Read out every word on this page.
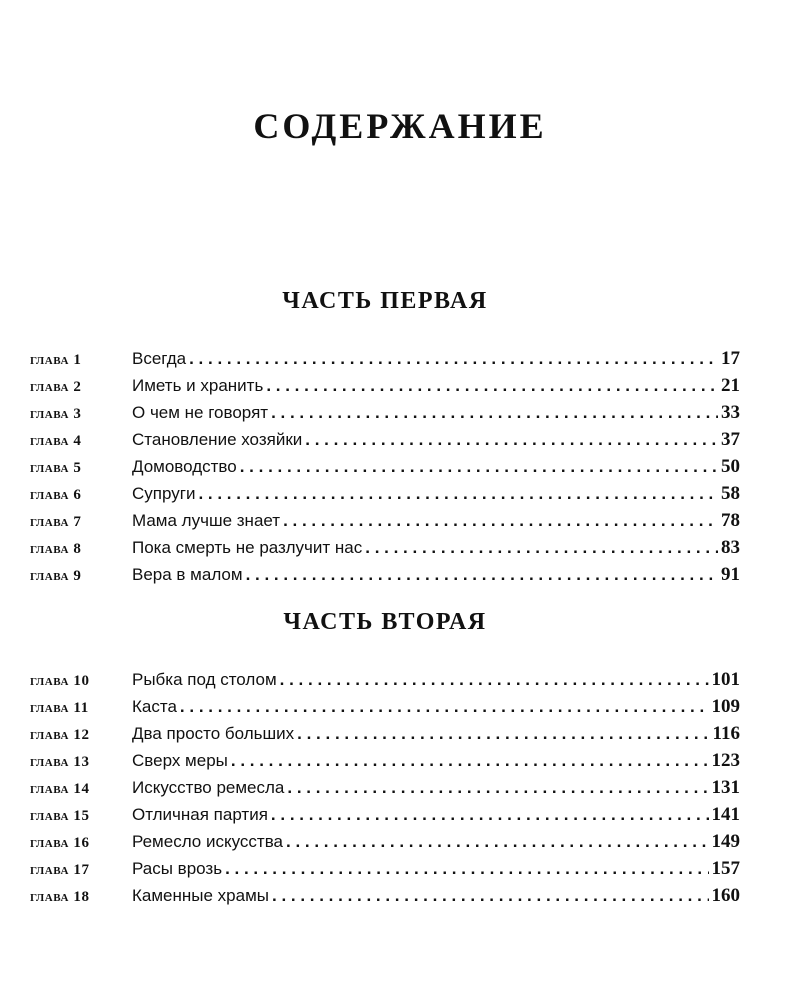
СОДЕРЖАНИЕ
ЧАСТЬ ПЕРВАЯ
глава 1	Всегда . . .	17
глава 2	Иметь и хранить . . .	21
глава 3	О чем не говорят . . .	33
глава 4	Становление хозяйки . . .	37
глава 5	Домоводство . . .	50
глава 6	Супруги . . .	58
глава 7	Мама лучше знает . . .	78
глава 8	Пока смерть не разлучит нас . . .	83
глава 9	Вера в малом . . .	91
ЧАСТЬ ВТОРАЯ
глава 10	Рыбка под столом . . .	101
глава 11	Каста . . .	109
глава 12	Два просто больших . . .	116
глава 13	Сверх меры . . .	123
глава 14	Искусство ремесла . . .	131
глава 15	Отличная партия . . .	141
глава 16	Ремесло искусства . . .	149
глава 17	Расы врозь . . .	157
глава 18	Каменные храмы . . .	160
